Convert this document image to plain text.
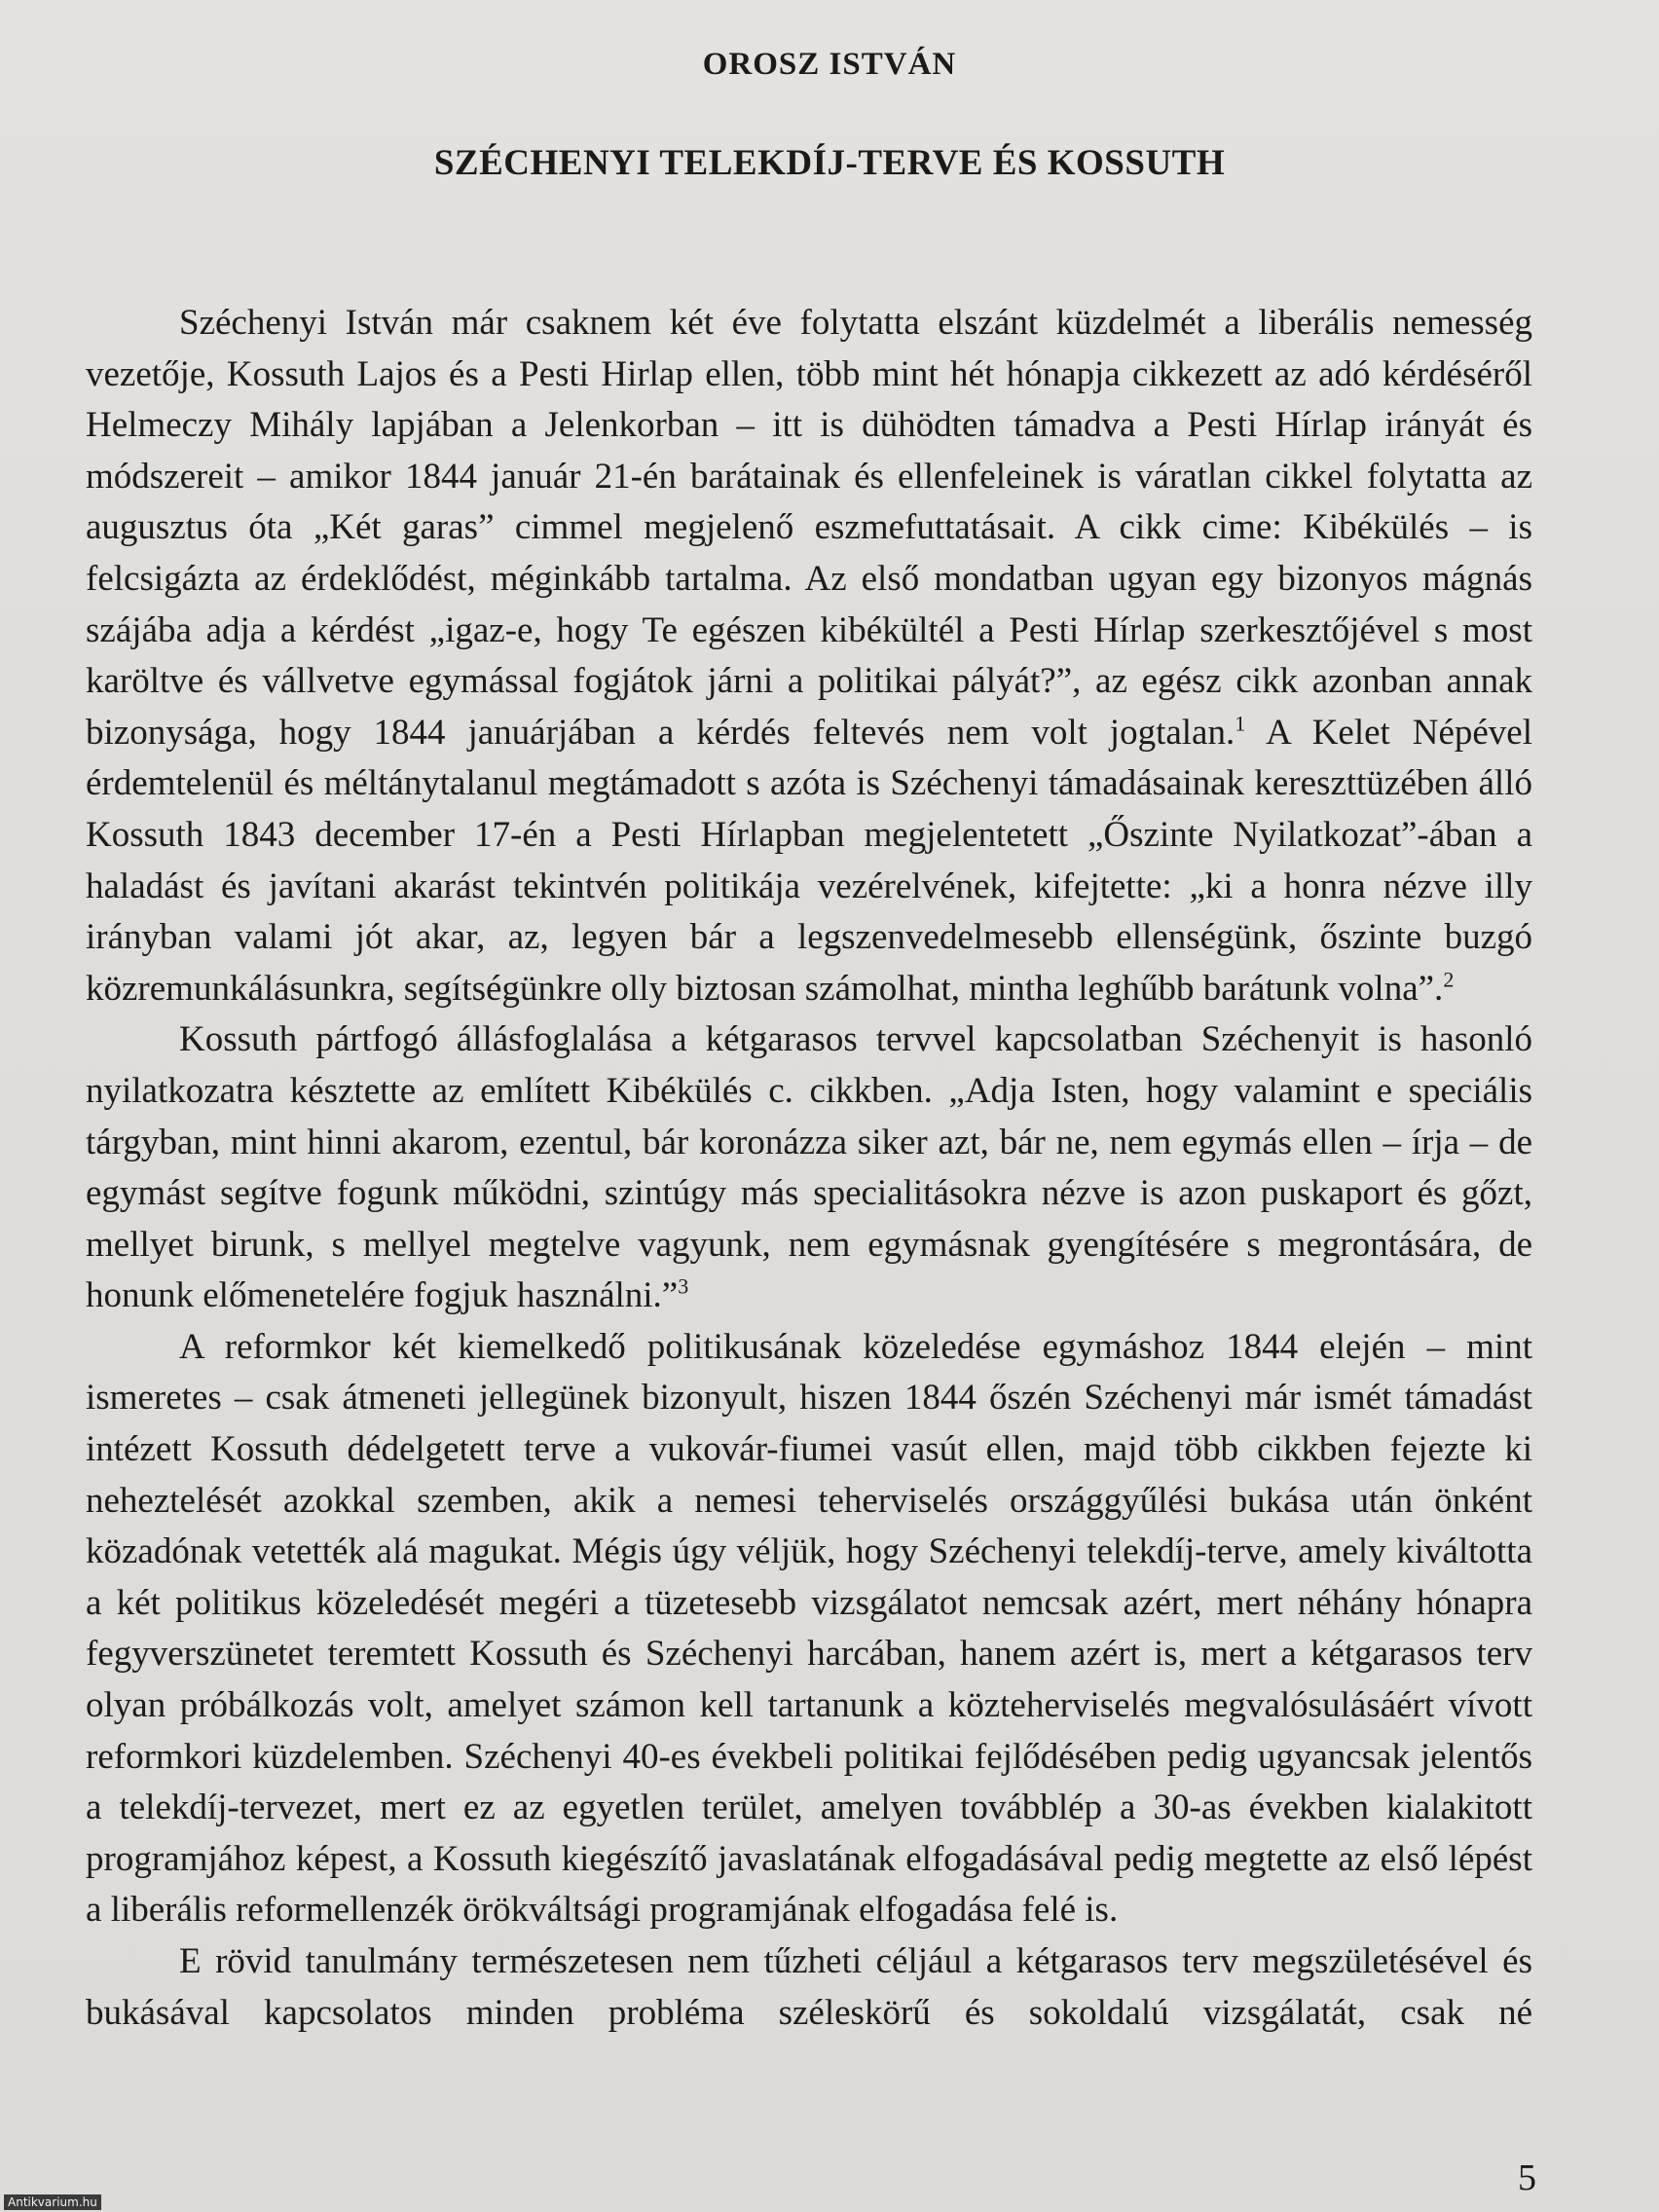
OROSZ ISTVÁN
SZÉCHENYI TELEKDÍJ-TERVE ÉS KOSSUTH

Széchenyi István már csaknem két éve folytatta elszánt küzdelmét a liberális nemesség vezetője, Kossuth Lajos és a Pesti Hirlap ellen, több mint hét hónapja cikkezett az adó kérdéséről Helmeczy Mihály lapjában a Jelenkorban – itt is dühödten támadva a Pesti Hírlap irányát és módszereit – amikor 1844 január 21-én barátainak és ellenfeleinek is váratlan cikkel folytatta az augusztus óta „Két garas” cimmel megjelenő eszmefuttatásait. A cikk cime: Kibékülés – is felcsigázta az érdeklődést, méginkább tartalma. Az első mondatban ugyan egy bizonyos mágnás szájába adja a kérdést „igaz-e, hogy Te egészen kibékültél a Pesti Hírlap szerkesztőjével s most karöltve és vállvetve egymással fogjátok járni a politikai pályát?”, az egész cikk azonban annak bizonysága, hogy 1844 januárjában a kérdés feltevés nem volt jogtalan.$^1$ A Kelet Népével érdemtelenül és méltánytalanul megtámadott s azóta is Széchenyi támadásainak kereszttüzében álló Kossuth 1843 december 17-én a Pesti Hírlapban megjelentetett „Őszinte Nyilatkozat”-ában a haladást és javítani akarást tekintvén politikája vezérelvének, kifejtette: „ki a honra nézve illy irányban valami jót akar, az, legyen bár a legszenvedelmesebb ellenségünk, őszinte buzgó közremunkálásunkra, segítségünkre olly biztosan számolhat, mintha leghűbb barátunk volna”.$^2$

Kossuth pártfogó állásfoglalása a kétgarasos tervvel kapcsolatban Széchenyit is hasonló nyilatkozatra késztette az említett Kibékülés c. cikkben. „Adja Isten, hogy valamint e speciális tárgyban, mint hinni akarom, ezentul, bár koronázza siker azt, bár ne, nem egymás ellen – írja – de egymást segítve fogunk működni, szintúgy más specialitásokra nézve is azon puskaport és gőzt, mellyet birunk, s mellyel megtelve vagyunk, nem egymásnak gyengítésére s megrontására, de honunk előmenetelére fogjuk használni.”$^3$

A reformkor két kiemelkedő politikusának közeledése egymáshoz 1844 elején – mint ismeretes – csak átmeneti jellegünek bizonyult, hiszen 1844 őszén Széchenyi már ismét támadást intézett Kossuth dédelgetett terve a vukovár-fiumei vasút ellen, majd több cikkben fejezte ki neheztelését azokkal szemben, akik a nemesi teherviselés országgyűlési bukása után önként közadónak vetették alá magukat. Mégis úgy véljük, hogy Széchenyi telekdíj-terve, amely kiváltotta a két politikus közeledését megéri a tüzetesebb vizsgálatot nemcsak azért, mert néhány hónapra fegyverszünetet teremtett Kossuth és Széchenyi harcában, hanem azért is, mert a kétgarasos terv olyan próbálkozás volt, amelyet számon kell tartanunk a közteherviselés megvalósulásáért vívott reformkori küzdelemben. Széchenyi 40-es évekbeli politikai fejlődésében pedig ugyancsak jelentős a telekdíj-tervezet, mert ez az egyetlen terület, amelyen továbblép a 30-as években kialakitott programjához képest, a Kossuth kiegészítő javaslatának elfogadásával pedig megtette az első lépést a liberális reformellenzék örökváltsági programjának elfogadása felé is.

E rövid tanulmány természetesen nem tűzheti céljául a kétgarasos terv megszületésével és bukásával kapcsolatos minden probléma széleskörű és sokoldalú vizsgálatát, csak né

5
Antikvarium.hu
